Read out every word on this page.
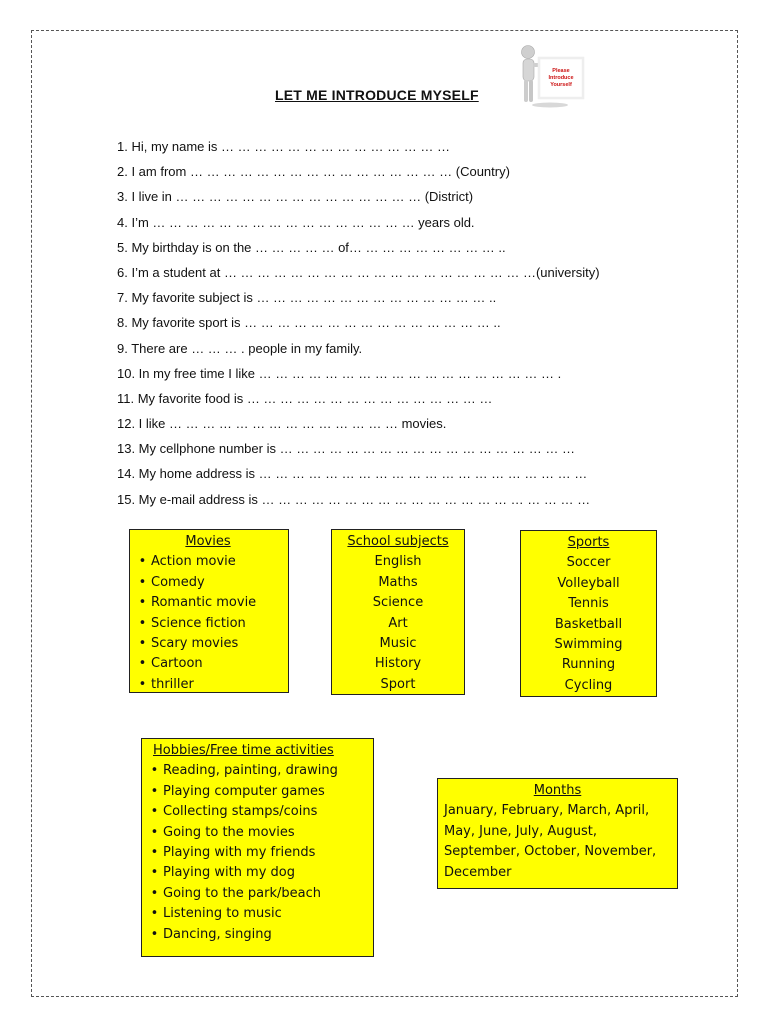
LET ME INTRODUCE MYSELF
Please
Introduce
Yourself
1. Hi, my name is … … … … … … … … … … … … … …
2. I am from … … … … … … … … … … … … … … … … (Country)
3. I live in … … … … … … … … … … … … … … … (District)
4. I’m … … … … … … … … … … … … … … … … years old.
5. My birthday is on the … … … … … of… … … … … … … … … ..
6. I’m a student at … … … … … … … … … … … … … … … … … … …(university)
7. My favorite subject is … … … … … … … … … … … … … … ..
8. My favorite sport is … … … … … … … … … … … … … … … ..
9. There are … … … . people in my family.
10. In my free time I like … … … … … … … … … … … … … … … … … … .
11. My favorite food is … … … … … … … … … … … … … … …
12. I like … … … … … … … … … … … … … … movies.
13. My cellphone number is … … … … … … … … … … … … … … … … … …
14. My home address is … … … … … … … … … … … … … … … … … … … …
15. My e-mail address is … … … … … … … … … … … … … … … … … … … …
Movies
• Action movie
• Comedy
• Romantic movie
• Science fiction
• Scary movies
• Cartoon
• thriller
School subjects
English
Maths
Science
Art
Music
History
Sport
Sports
Soccer
Volleyball
Tennis
Basketball
Swimming
Running
Cycling
Hobbies/Free time activities
• Reading, painting, drawing
• Playing computer games
• Collecting stamps/coins
• Going to the movies
• Playing with my friends
• Playing with my dog
• Going to the park/beach
• Listening to music
• Dancing, singing
Months
January, February, March, April, May, June, July, August, September, October, November, December
